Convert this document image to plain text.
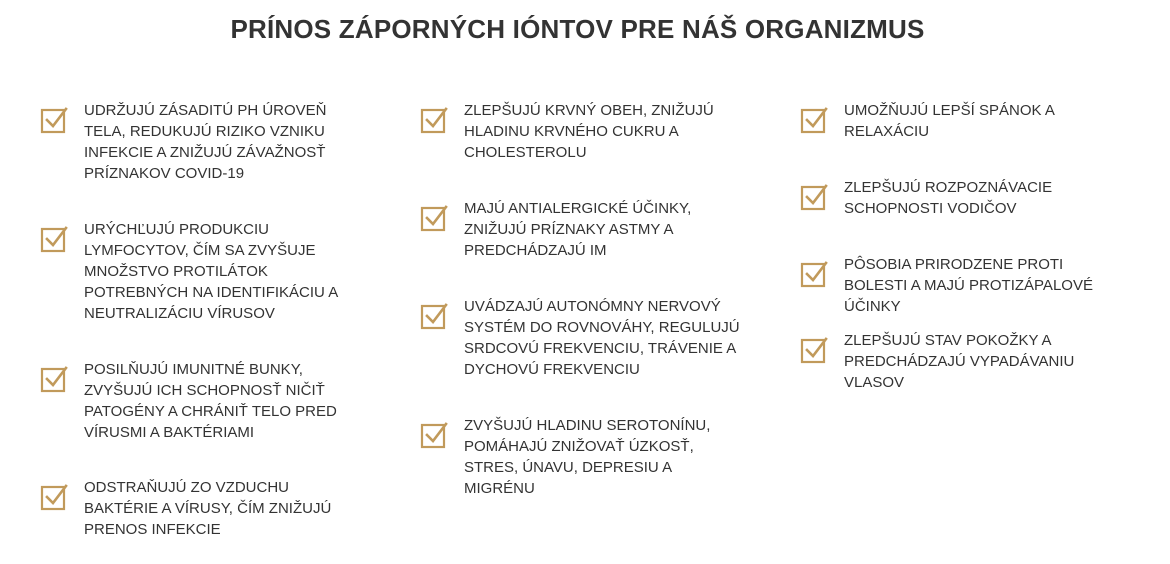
PRÍNOS ZÁPORNÝCH IÓNTOV PRE NÁŠ ORGANIZMUS
UDRŽUJÚ ZÁSADITÚ PH ÚROVEŇ TELA, REDUKUJÚ RIZIKO VZNIKU INFEKCIE A ZNIŽUJÚ ZÁVAŽNOSŤ PRÍZNAKOV COVID-19
URÝCHĽUJÚ PRODUKCIU LYMFOCYTOV, ČÍM SA ZVYŠUJE MNOŽSTVO PROTILÁTOK POTREBNÝCH NA IDENTIFIKÁCIU A NEUTRALIZÁCIU VÍRUSOV
POSILŇUJÚ IMUNITNÉ BUNKY, ZVYŠUJÚ ICH SCHOPNOSŤ NIČIŤ PATOGÉNY A CHRÁNIŤ TELO PRED VÍRUSMI A BAKTÉRIAMI
ODSTRAŇUJÚ ZO VZDUCHU BAKTÉRIE A VÍRUSY, ČÍM ZNIŽUJÚ PRENOS INFEKCIE
ZLEPŠUJÚ KRVNÝ OBEH, ZNIŽUJÚ HLADINU KRVNÉHO CUKRU A CHOLESTEROLU
MAJÚ ANTIALERGICKÉ ÚČINKY, ZNIŽUJÚ PRÍZNAKY ASTMY A PREDCHÁDZAJÚ IM
UVÁDZAJÚ AUTONÓMNY NERVOVÝ SYSTÉM DO ROVNOVÁHY, REGULUJÚ SRDCOVÚ FREKVENCIU, TRÁVENIE A DYCHOVÚ FREKVENCIU
ZVYŠUJÚ HLADINU SEROTONÍNU, POMÁHAJÚ ZNIŽOVAŤ ÚZKOSŤ, STRES, ÚNAVU, DEPRESIU A MIGRÉNU
UMOŽŇUJÚ LEPŠÍ SPÁNOK A RELAXÁCIU
ZLEPŠUJÚ ROZPOZNÁVACIE SCHOPNOSTI VODIČOV
PÔSOBIA PRIRODZENE PROTI BOLESTI A MAJÚ PROTIZÁPALOVÉ ÚČINKY
ZLEPŠUJÚ STAV POKOŽKY A PREDCHÁDZAJÚ VYPADÁVANIU VLASOV
